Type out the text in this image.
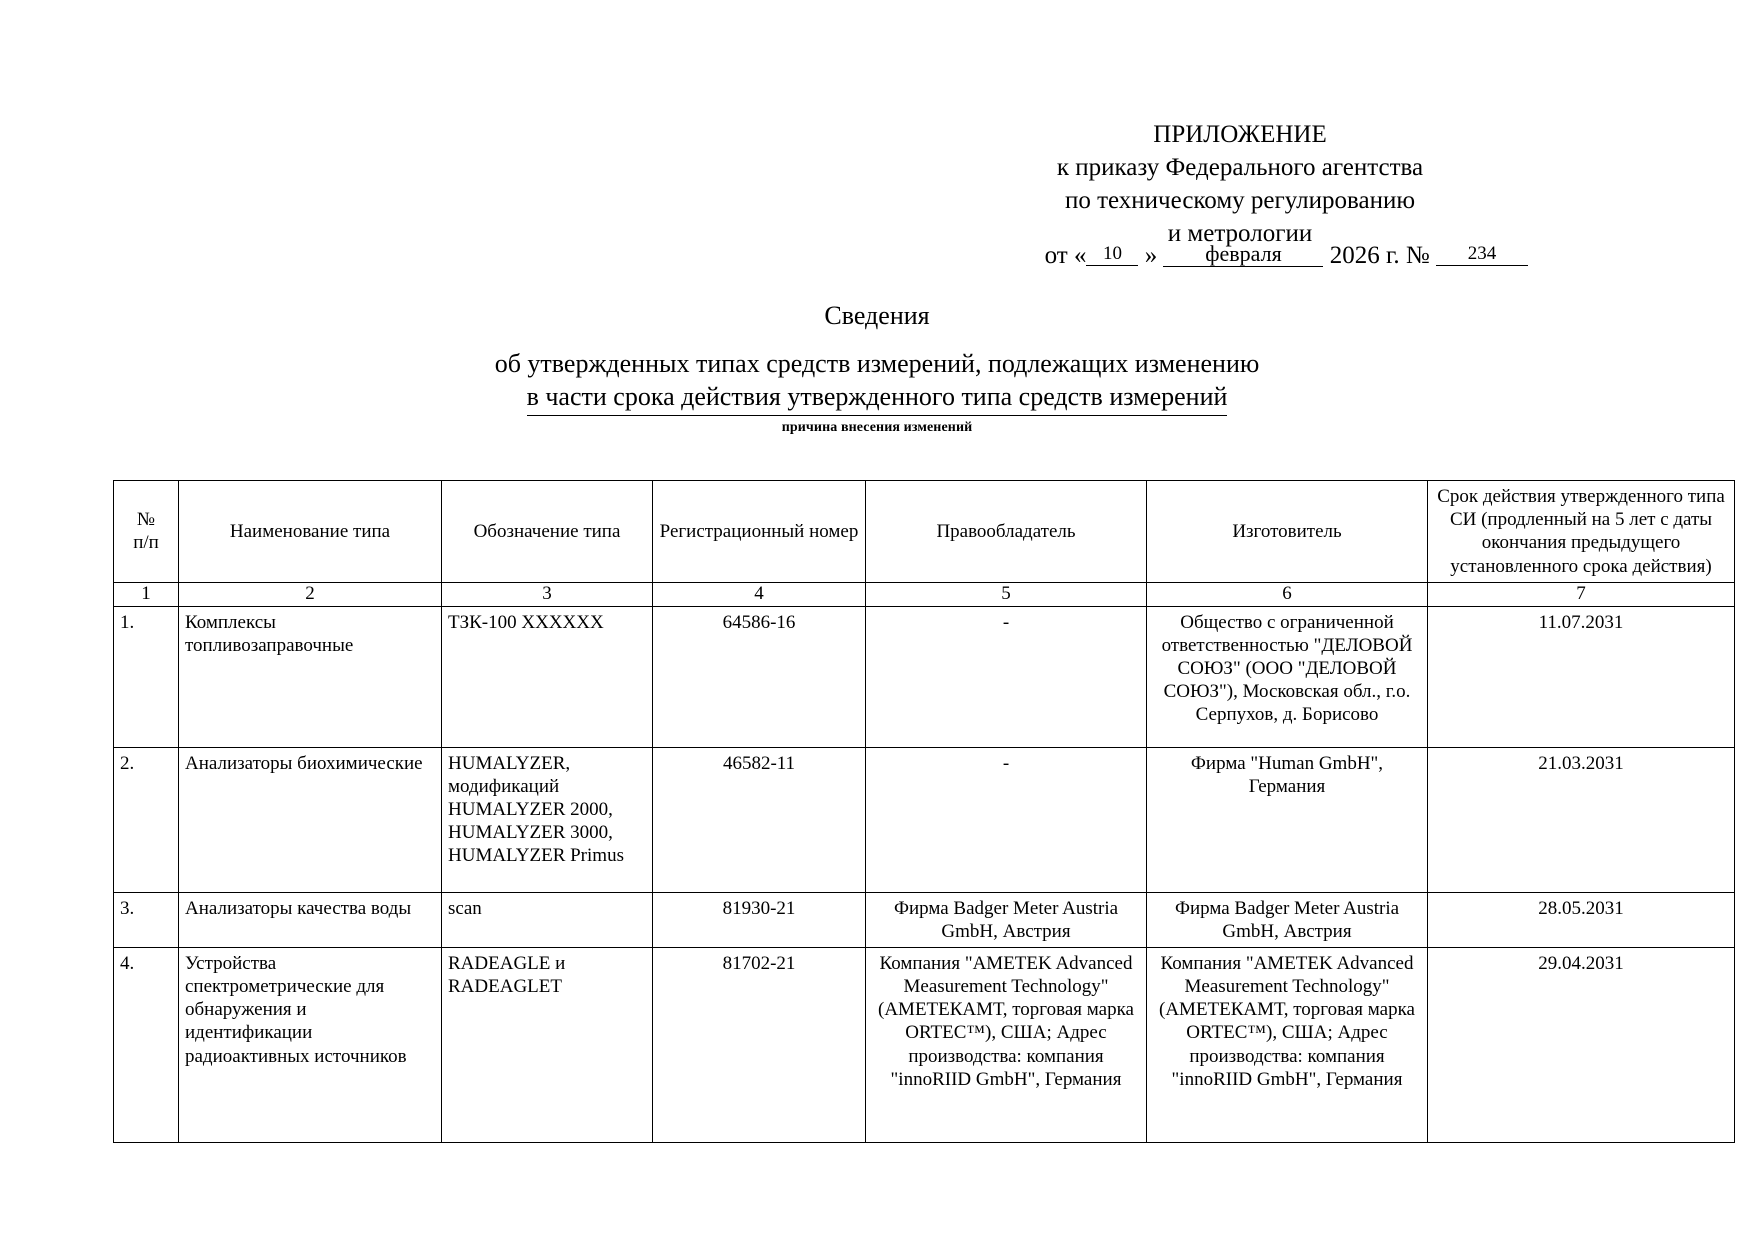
ПРИЛОЖЕНИЕ
к приказу Федерального агентства
по техническому регулированию
и метрологии
от « 10 » февраля 2026 г. № 234
Сведения
об утвержденных типах средств измерений, подлежащих изменению
в части срока действия утвержденного типа средств измерений
причина внесения изменений
№
п/п	Наименование типа	Обозначение типа	Регистрационный номер	Правообладатель	Изготовитель	Срок действия утвержденного типа СИ (продленный на 5 лет с даты окончания предыдущего установленного срока действия)
1	2	3	4	5	6	7
1.	Комплексы топливозаправочные	ТЗК-100 XXXXXX	64586-16	-	Общество с ограниченной ответственностью "ДЕЛОВОЙ СОЮЗ" (ООО "ДЕЛОВОЙ СОЮЗ"), Московская обл., г.о. Серпухов, д. Борисово	11.07.2031
2.	Анализаторы биохимические	HUMALYZER, модификаций HUMALYZER 2000, HUMALYZER 3000, HUMALYZER Primus	46582-11	-	Фирма "Human GmbH", Германия	21.03.2031
3.	Анализаторы качества воды	scan	81930-21	Фирма Badger Meter Austria GmbH, Австрия	Фирма Badger Meter Austria GmbH, Австрия	28.05.2031
4.	Устройства спектрометрические для обнаружения и идентификации радиоактивных источников	RADEAGLE и RADEAGLET	81702-21	Компания "AMETEK Advanced Measurement Technology" (АМЕТЕКАМТ, торговая марка ORTEC™), США; Адрес производства: компания "innoRIID GmbH", Германия	Компания "AMETEK Advanced Measurement Technology" (АМЕТЕКАМТ, торговая марка ORTEC™), США; Адрес производства: компания "innoRIID GmbH", Германия	29.04.2031
